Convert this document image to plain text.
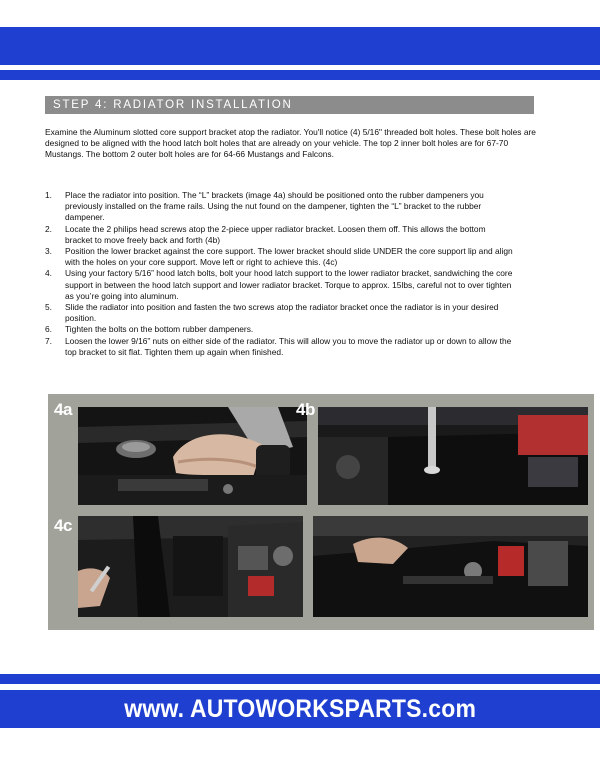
STEP 4: RADIATOR INSTALLATION

Examine the Aluminum slotted core support bracket atop the radiator. You'll notice (4) 5/16" threaded bolt holes. These bolt holes are designed to be aligned with the hood latch bolt holes that are already on your vehicle. The top 2 inner bolt holes are for 67-70 Mustangs. The bottom 2 outer bolt holes are for 64-66 Mustangs and Falcons.

1.	Place the radiator into position. The “L” brackets (image 4a) should be positioned onto the rubber dampeners you previously installed on the frame rails. Using the nut found on the dampener, tighten the “L” bracket to the rubber dampener.
2.	Locate the 2 philips head screws atop the 2-piece upper radiator bracket. Loosen them off. This allows the bottom bracket to move freely back and forth (4b)
3.	Position the lower bracket against the core support. The lower bracket should slide UNDER the core support lip and align with the holes on your core support. Move left or right to achieve this. (4c)
4.	Using your factory 5/16” hood latch bolts, bolt your hood latch support to the lower radiator bracket, sandwiching the core support in between the hood latch support and lower radiator bracket. Torque to approx. 15lbs, careful not to over tighten as you’re going into aluminum.
5.	Slide the radiator into position and fasten the two screws atop the radiator bracket once the radiator is in your desired position.
6.	Tighten the bolts on the bottom rubber dampeners.
7.	Loosen the lower 9/16” nuts on either side of the radiator. This will allow you to move the radiator up or down to allow the top bracket to sit flat. Tighten them up again when finished.
4a	4b
4c
www. AUTOWORKSPARTS.com
